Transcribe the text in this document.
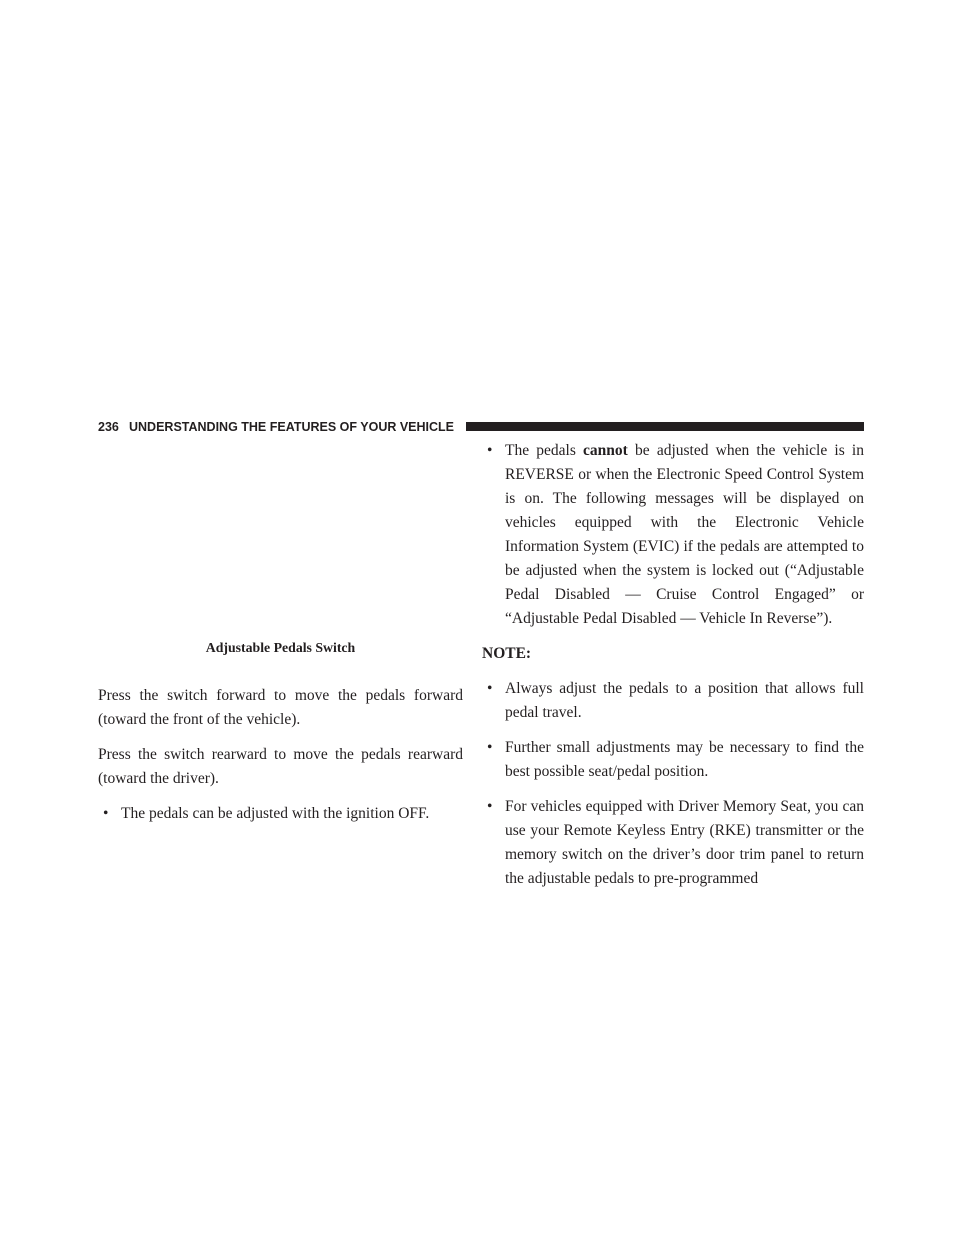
236 UNDERSTANDING THE FEATURES OF YOUR VEHICLE
Adjustable Pedals Switch

Press the switch forward to move the pedals forward (toward the front of the vehicle).

Press the switch rearward to move the pedals rearward (toward the driver).

• The pedals can be adjusted with the ignition OFF.
• The pedals cannot be adjusted when the vehicle is in REVERSE or when the Electronic Speed Control System is on. The following messages will be displayed on vehicles equipped with the Electronic Vehicle Information System (EVIC) if the pedals are attempted to be adjusted when the system is locked out (“Adjustable Pedal Disabled — Cruise Control Engaged” or “Adjustable Pedal Disabled — Vehicle In Reverse”).

NOTE:

• Always adjust the pedals to a position that allows full pedal travel.
• Further small adjustments may be necessary to find the best possible seat/pedal position.
• For vehicles equipped with Driver Memory Seat, you can use your Remote Keyless Entry (RKE) transmitter or the memory switch on the driver’s door trim panel to return the adjustable pedals to pre-programmed
